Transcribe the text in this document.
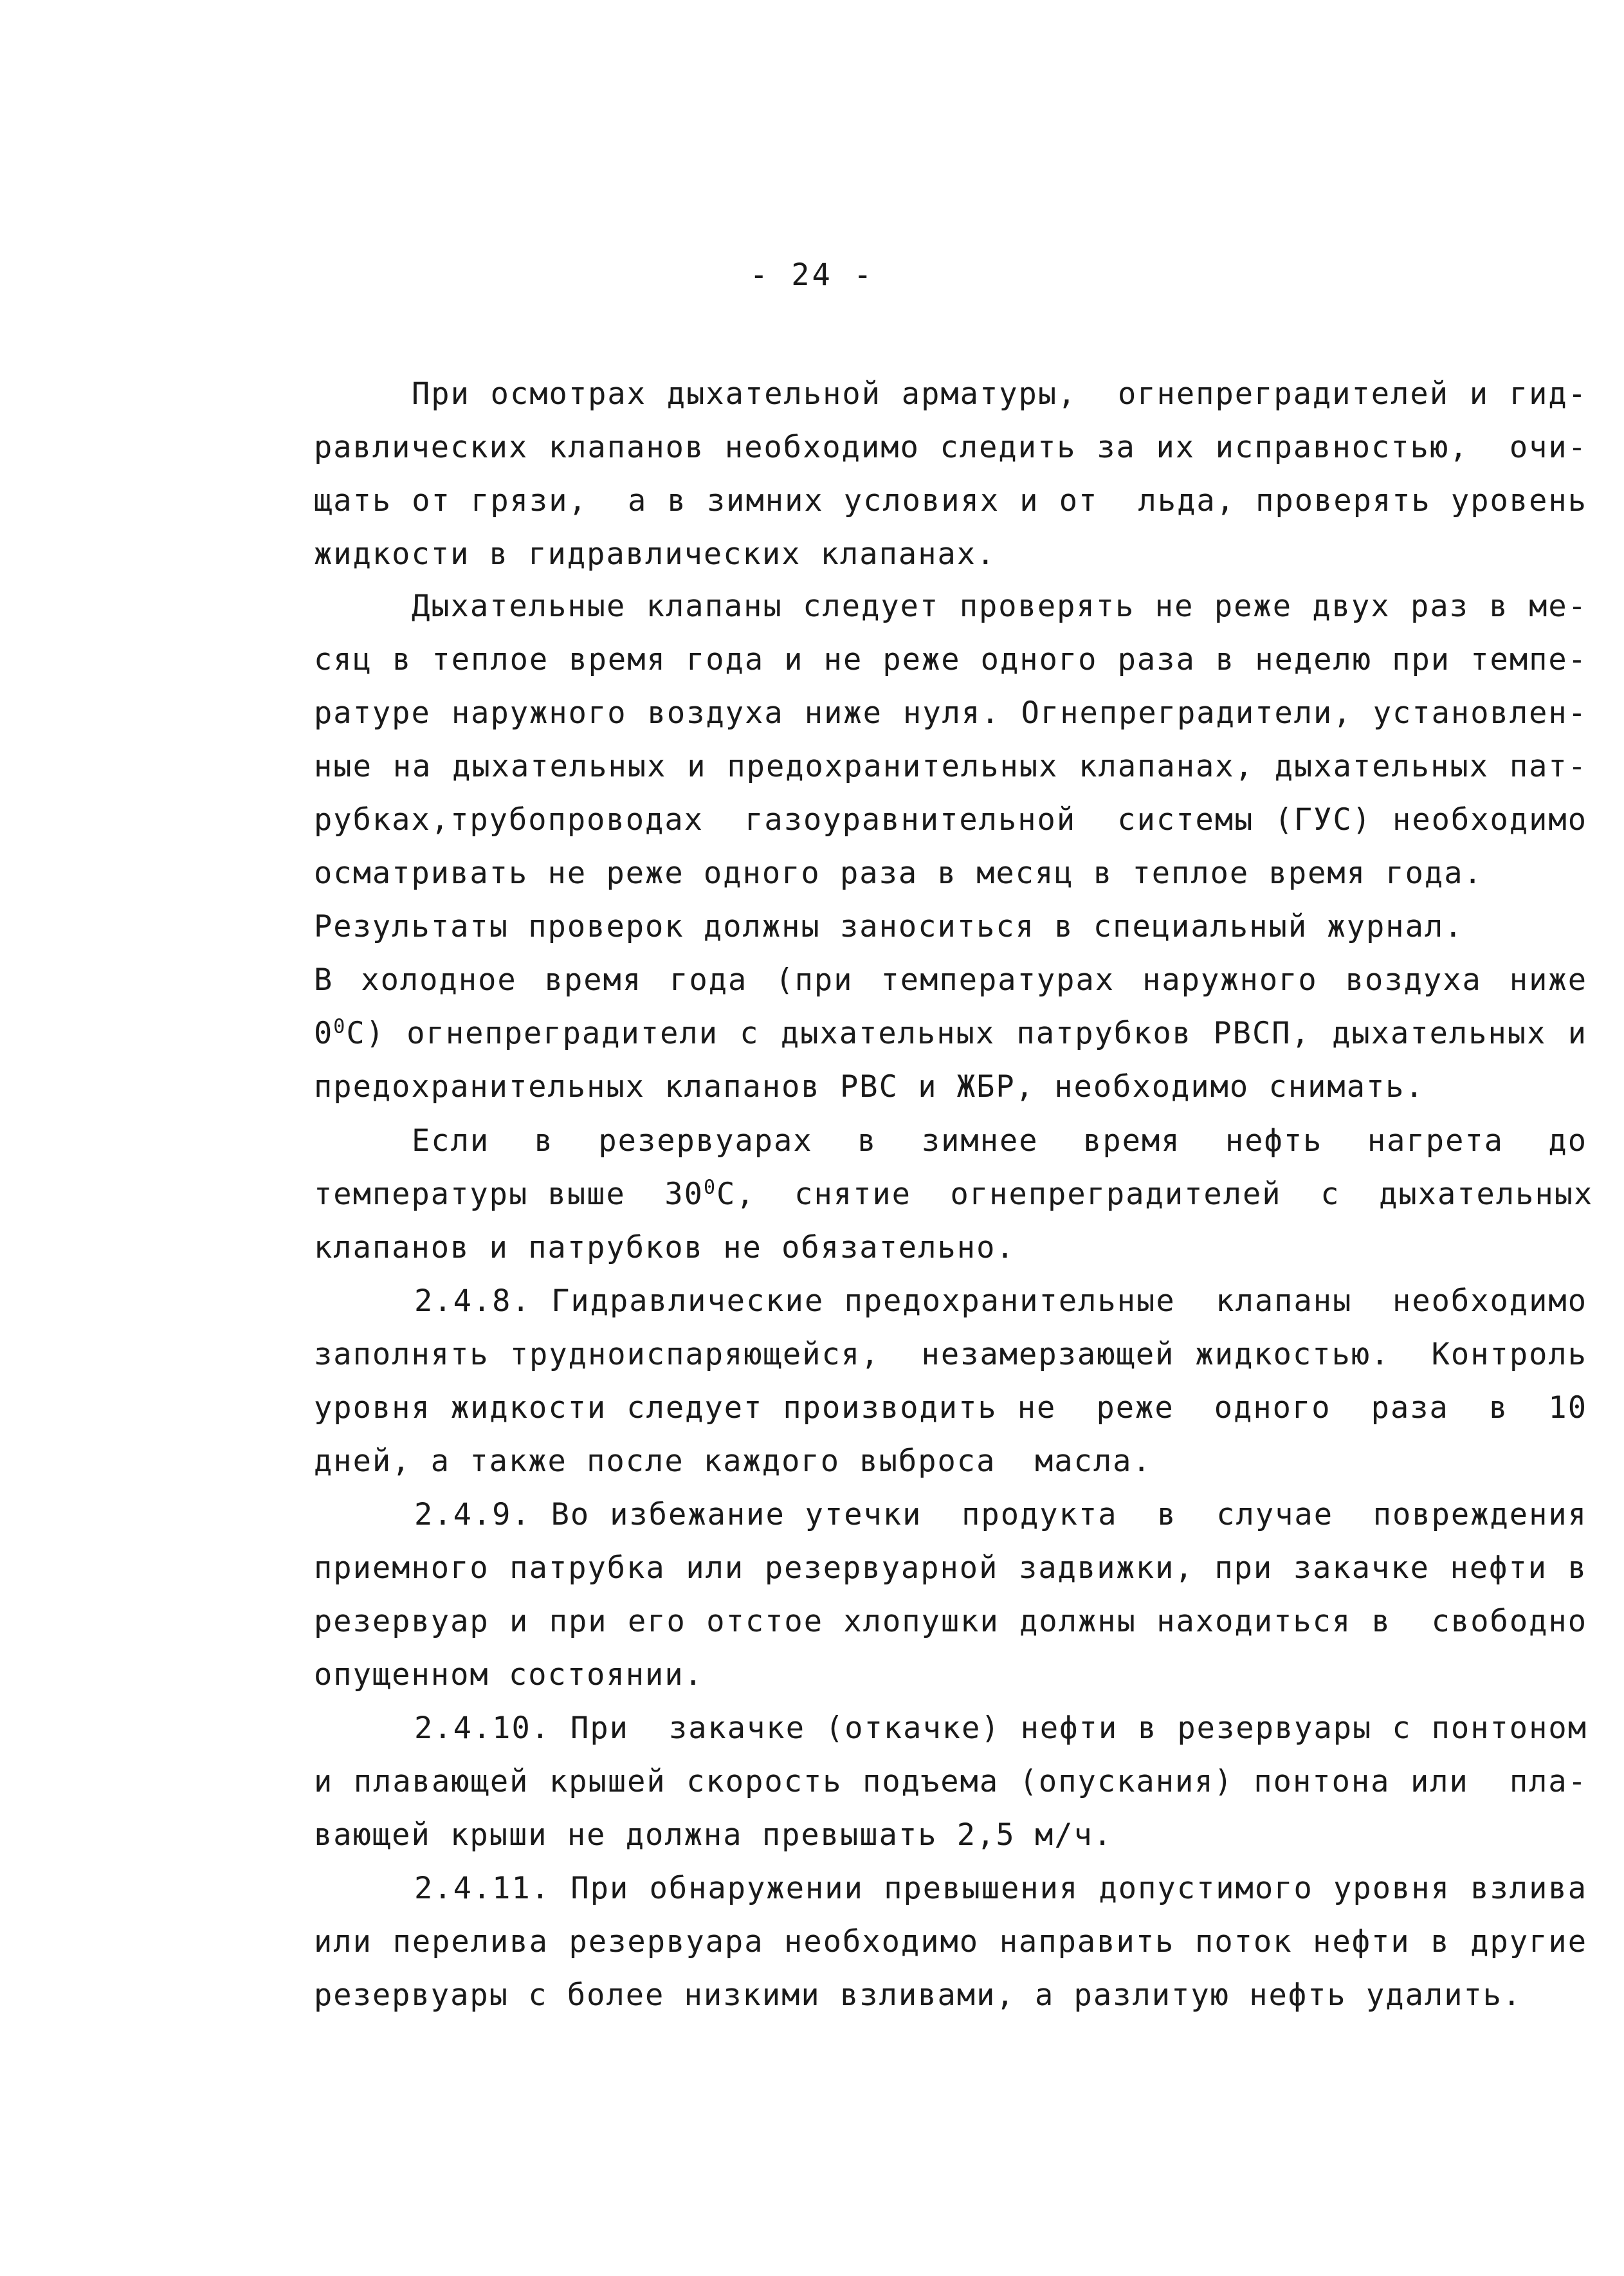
- 24 -
При осмотрах дыхательной арматуры,  огнепреградителей и гид-
равлических клапанов необходимо следить за их исправностью,  очи-
щать от грязи,  а в зимних условиях и от  льда, проверять уровень
жидкости в гидравлических клапанах.
Дыхательные клапаны следует проверять не реже двух раз в ме-
сяц в теплое время года и не реже одного раза в неделю при темпе-
ратуре наружного воздуха ниже нуля. Огнепреградители, установлен-
ные на дыхательных и предохранительных клапанах, дыхательных пат-
рубках,трубопроводах  газоуравнительной  системы (ГУС) необходимо
осматривать не реже одного раза в месяц в теплое время года.
Результаты проверок должны заноситься в специальный журнал.
В холодное время года (при температурах наружного воздуха ниже
$0^0С$) огнепреградители с дыхательных патрубков РВСП, дыхательных и
предохранительных клапанов РВС и ЖБР, необходимо снимать.
Если  в  резервуарах  в  зимнее  время  нефть  нагрета  до
температуры выше  $30^0С$,  снятие  огнепреградителей  с  дыхательных
клапанов и патрубков не обязательно.
2.4.8. Гидравлические предохранительные  клапаны  необходимо
заполнять трудноиспаряющейся,  незамерзающей жидкостью.  Контроль
уровня жидкости следует производить не  реже  одного  раза  в  10
дней, а также после каждого выброса  масла.
2.4.9. Во избежание утечки  продукта  в  случае  повреждения
приемного патрубка или резервуарной задвижки, при закачке нефти в
резервуар и при его отстое хлопушки должны находиться в  свободно
опущенном состоянии.
2.4.10. При  закачке (откачке) нефти в резервуары с понтоном
и плавающей крышей скорость подъема (опускания) понтона или  пла-
вающей крыши не должна превышать 2,5 м/ч.
2.4.11. При обнаружении превышения допустимого уровня взлива
или перелива резервуара необходимо направить поток нефти в другие
резервуары с более низкими взливами, а разлитую нефть удалить.
